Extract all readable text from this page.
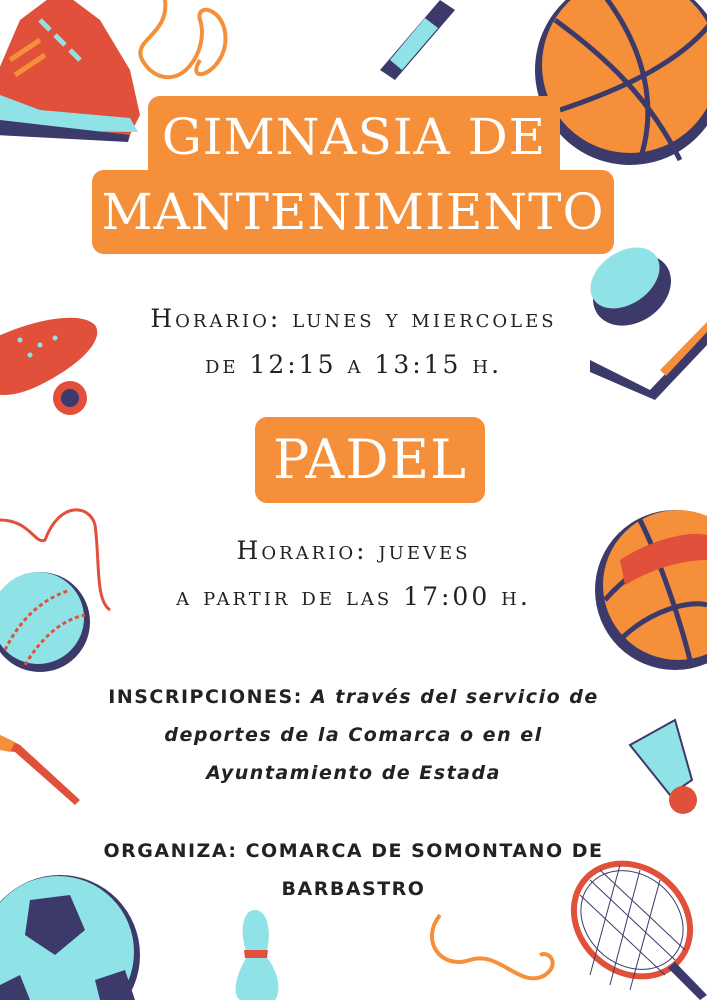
GIMNASIA DE
MANTENIMIENTO
Horario: lunes y miercoles
de 12:15 a 13:15 h.
PADEL
Horario: jueves
a partir de las 17:00 h.
INSCRIPCIONES: A través del servicio de
deportes de la Comarca o en el
Ayuntamiento de Estada
ORGANIZA: COMARCA DE SOMONTANO DE
BARBASTRO
